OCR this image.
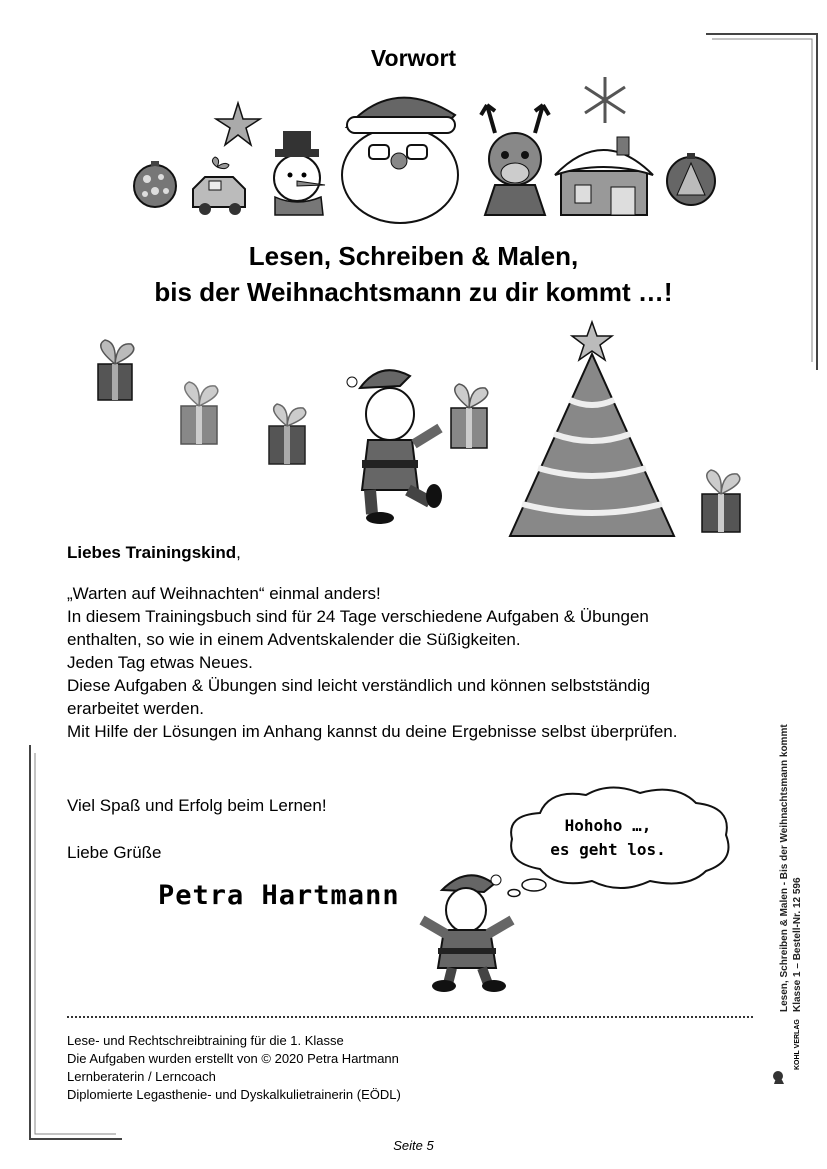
Vorwort
Lesen, Schreiben & Malen,
bis der Weihnachtsmann zu dir kommt …!
Liebes Trainingskind,
„Warten auf Weihnachten“ einmal anders!
In diesem Trainingsbuch sind für 24 Tage verschiedene Aufgaben & Übungen
enthalten, so wie in einem Adventskalender die Süßigkeiten.
Jeden Tag etwas Neues.
Diese Aufgaben & Übungen sind leicht verständlich und können selbstständig
erarbeitet werden.
Mit Hilfe der Lösungen im Anhang kannst du deine Ergebnisse selbst überprüfen.
Viel Spaß und Erfolg beim Lernen!
Liebe Grüße
Petra Hartmann
Hohoho …,
es geht los.
Lese- und Rechtschreibtraining für die 1. Klasse
Die Aufgaben wurden erstellt von © 2020 Petra Hartmann
Lernberaterin / Lerncoach
Diplomierte Legasthenie- und Dyskalkulietrainerin (EÖDL)
Lesen, Schreiben & Malen - Bis der Weihnachtsmann kommt Klasse 1 – Bestell-Nr. 12 596
KOHL VERLAG
Seite 5
